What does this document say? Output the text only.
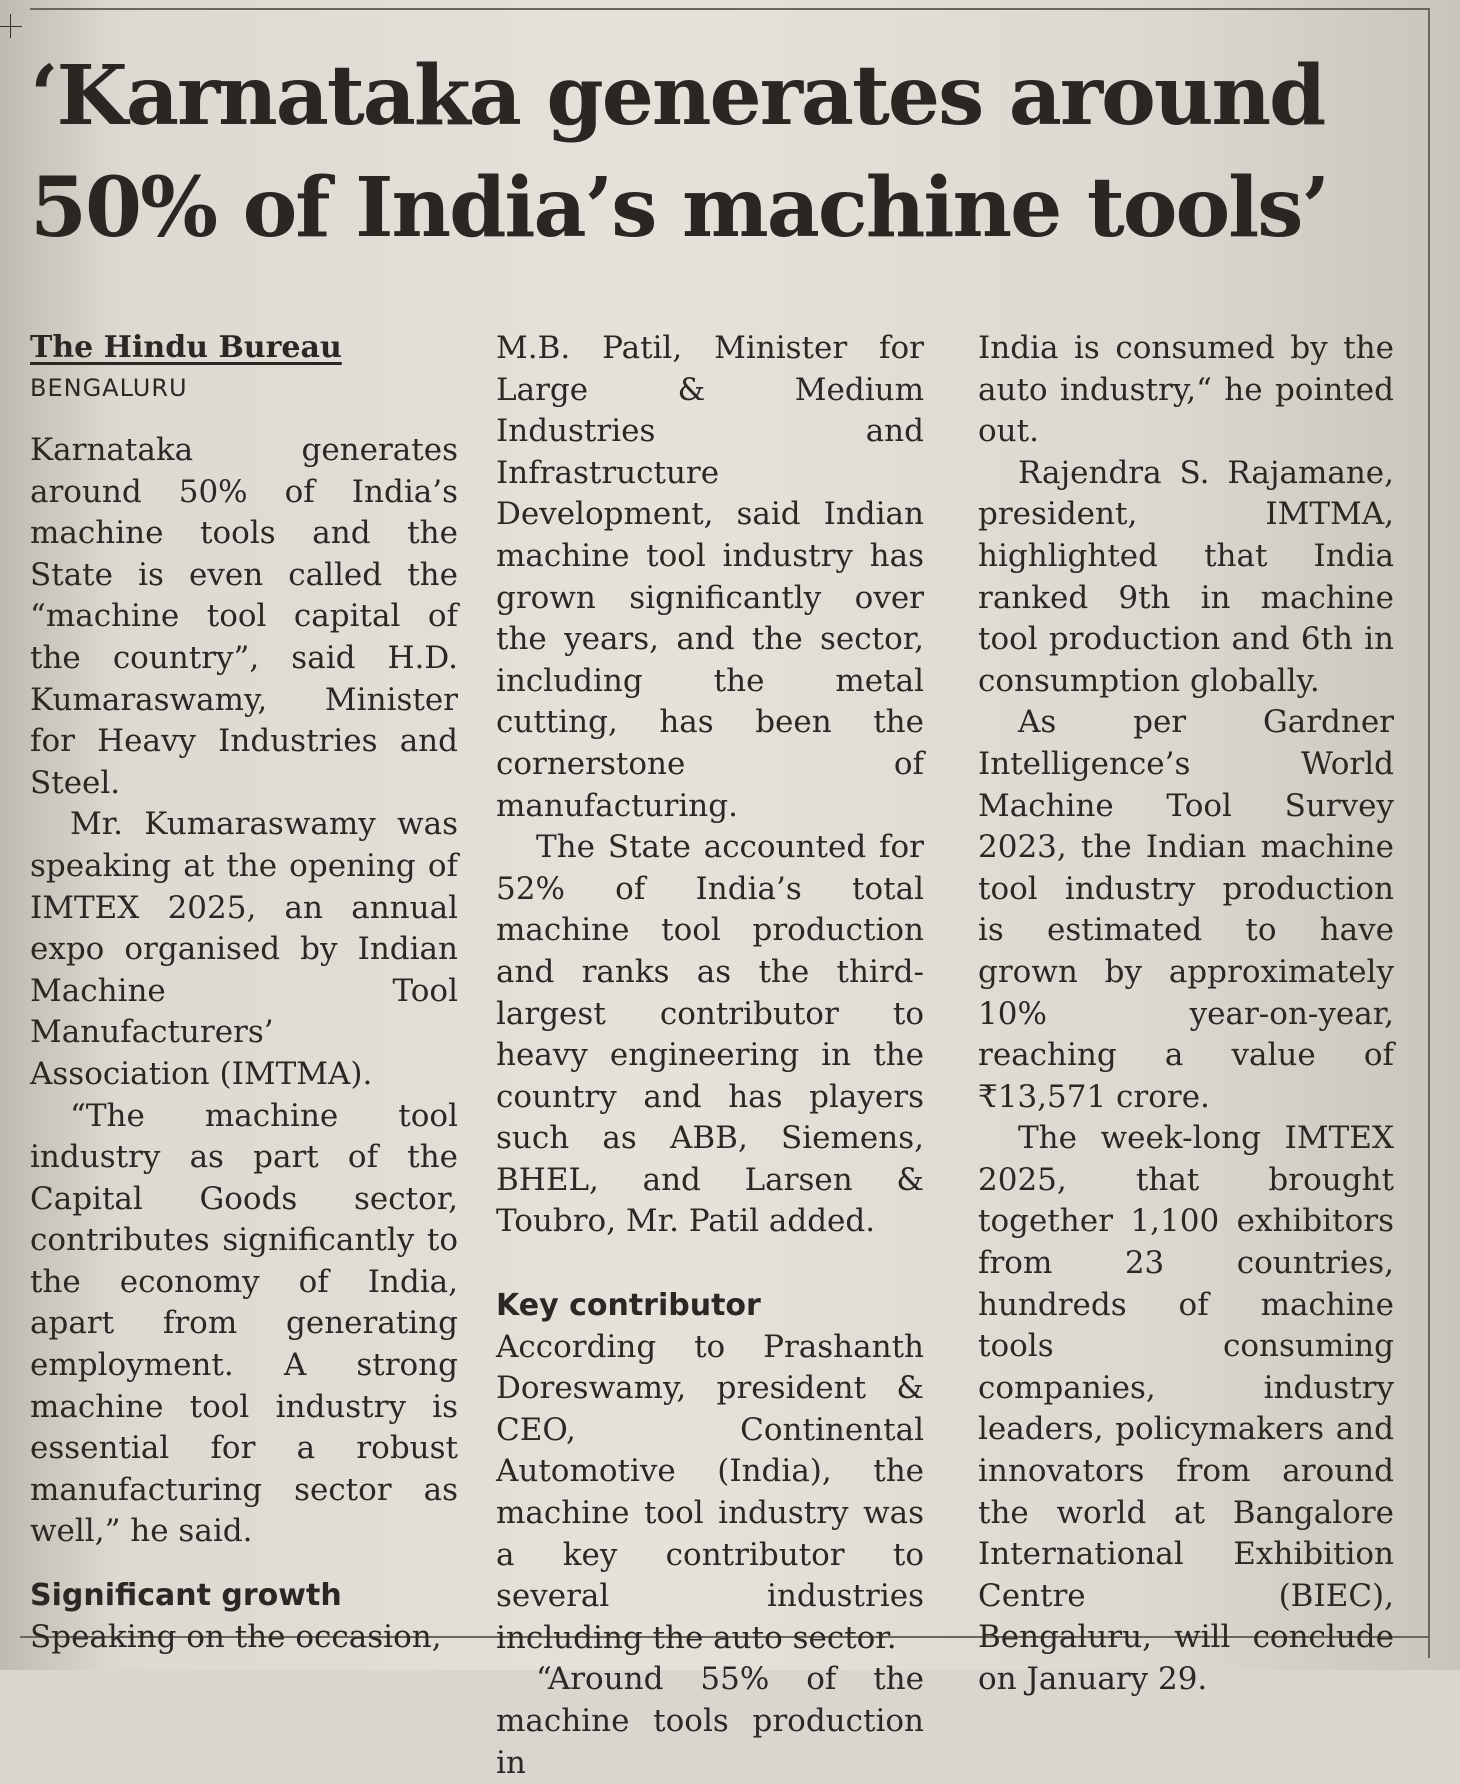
‘Karnataka generates around 50% of India’s machine tools’
The Hindu Bureau
BENGALURU

Karnataka generates around 50% of India’s machine tools and the State is even called the “machine tool capital of the country”, said H.D. Kumaraswamy, Minister for Heavy Industries and Steel.

Mr. Kumaraswamy was speaking at the opening of IMTEX 2025, an annual expo organised by Indian Machine Tool Manufacturers’ Association (IMTMA).

“The machine tool industry as part of the Capital Goods sector, contributes significantly to the economy of India, apart from generating employment. A strong machine tool industry is essential for a robust manufacturing sector as well,” he said.

Significant growth

Speaking on the occasion,

M.B. Patil, Minister for Large & Medium Industries and Infrastructure Development, said Indian machine tool industry has grown significantly over the years, and the sector, including the metal cutting, has been the cornerstone of manufacturing.

The State accounted for 52% of India’s total machine tool production and ranks as the third-largest contributor to heavy engineering in the country and has players such as ABB, Siemens, BHEL, and Larsen & Toubro, Mr. Patil added.

Key contributor

According to Prashanth Doreswamy, president & CEO, Continental Automotive (India), the machine tool industry was a key contributor to several industries including the auto sector.

“Around 55% of the machine tools production in

India is consumed by the auto industry,“ he pointed out.

Rajendra S. Rajamane, president, IMTMA, highlighted that India ranked 9th in machine tool production and 6th in consumption globally.

As per Gardner Intelligence’s World Machine Tool Survey 2023, the Indian machine tool industry production is estimated to have grown by approximately 10% year-on-year, reaching a value of ₹13,571 crore.

The week-long IMTEX 2025, that brought together 1,100 exhibitors from 23 countries, hundreds of machine tools consuming companies, industry leaders, policymakers and innovators from around the world at Bangalore International Exhibition Centre (BIEC), Bengaluru, will conclude on January 29.
